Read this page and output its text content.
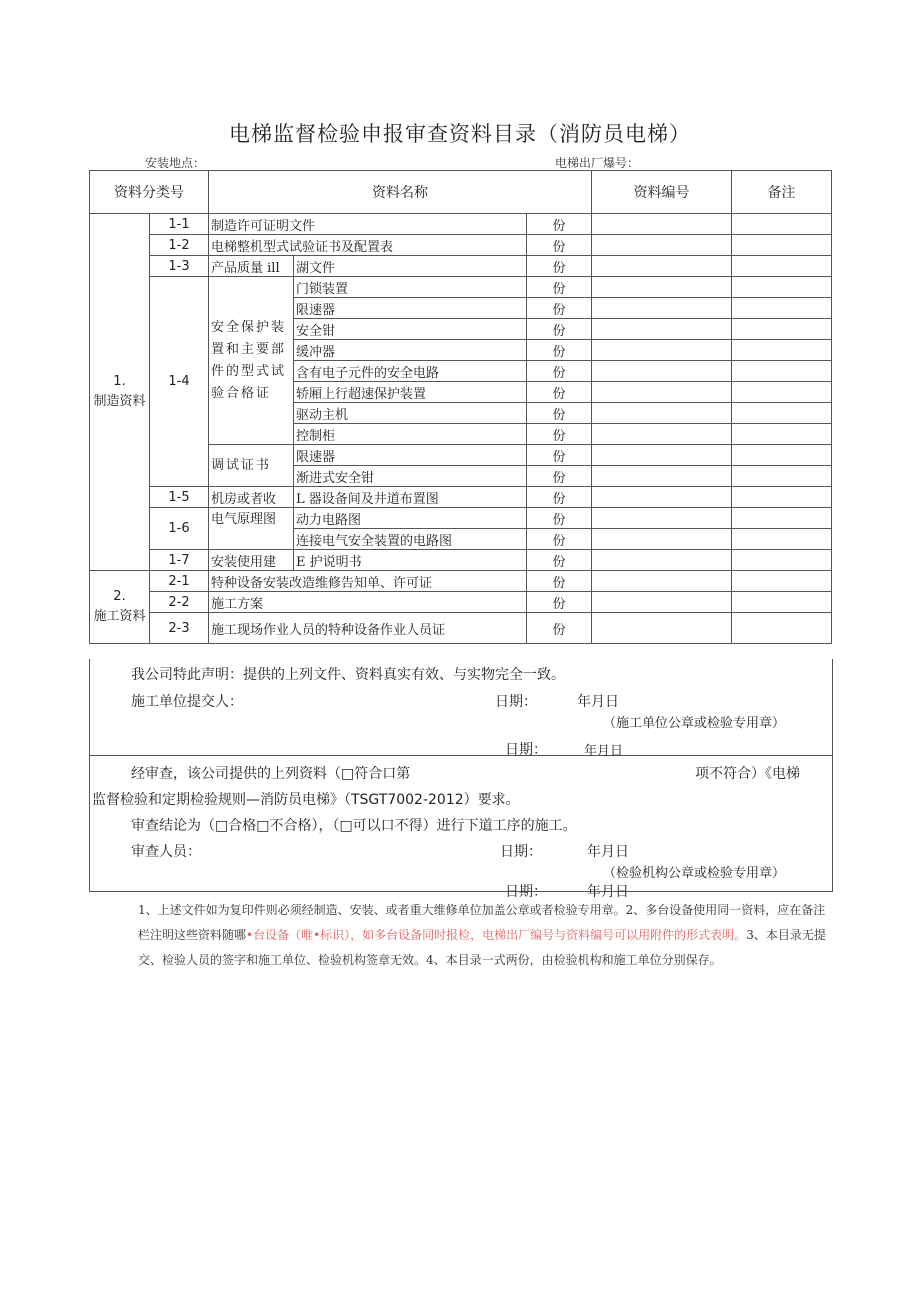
电梯监督检验申报审查资料目录（消防员电梯）
安装地点：	电梯出厂爆号：
资料分类号		资料名称			资料编号	备注
1.
制造资料	1-1	制造许可证明文件		份		
	1-2	电梯整机型式试验证书及配置表		份		
	1-3	产品质量 ill	湖文件	份		
	1-4	安全保护装置和主要部件的型式试验合格证	门锁装置	份		
			限速器	份		
			安全钳	份		
			缓冲器	份		
			含有电子元件的安全电路	份		
			轿厢上行超速保护装置	份		
			驱动主机	份		
			控制柜	份		
		调试证书	限速器	份		
			渐进式安全钳	份		
	1-5	机房或者收	L 器设备间及井道布置图	份		
	1-6	电气原理图	动力电路图	份		
			连接电气安全装置的电路图	份		
	1-7	安装使用建	E 护说明书	份		
2.
施工资料	2-1	特种设备安装改造维修告知单、许可证		份		
	2-2	施工方案		份		
	2-3	施工现场作业人员的特种设备作业人员证		份		
我公司特此声明：提供的上列文件、资料真实有效、与实物完全一致。
施工单位提交人：	日期：	年月日
（施工单位公章或检验专用章）
日期：	年月日
经审查，该公司提供的上列资料（□符合口第	项不符合）《电梯
监督检验和定期检验规则—消防员电梯》（TSGT7002-2012）要求。
审查结论为（□合格□不合格），（□可以口不得）进行下道工序的施工。
审查人员：	日期：	年月日
（检验机构公章或检验专用章）
日期：	年月日
1、上述文件如为复印件则必须经制造、安装、或者重大维修单位加盖公章或者检验专用章。2、多台设备使用同一资料，应在备注栏注明这些资料随哪•台设备（唯•标识），如多台设备同时报检，电梯出厂编号与资料编号可以用附件的形式表明。3、本目录无提交、检验人员的签字和施工单位、检验机构签章无效。4、本目录一式两份，由检验机构和施工单位分别保存。
